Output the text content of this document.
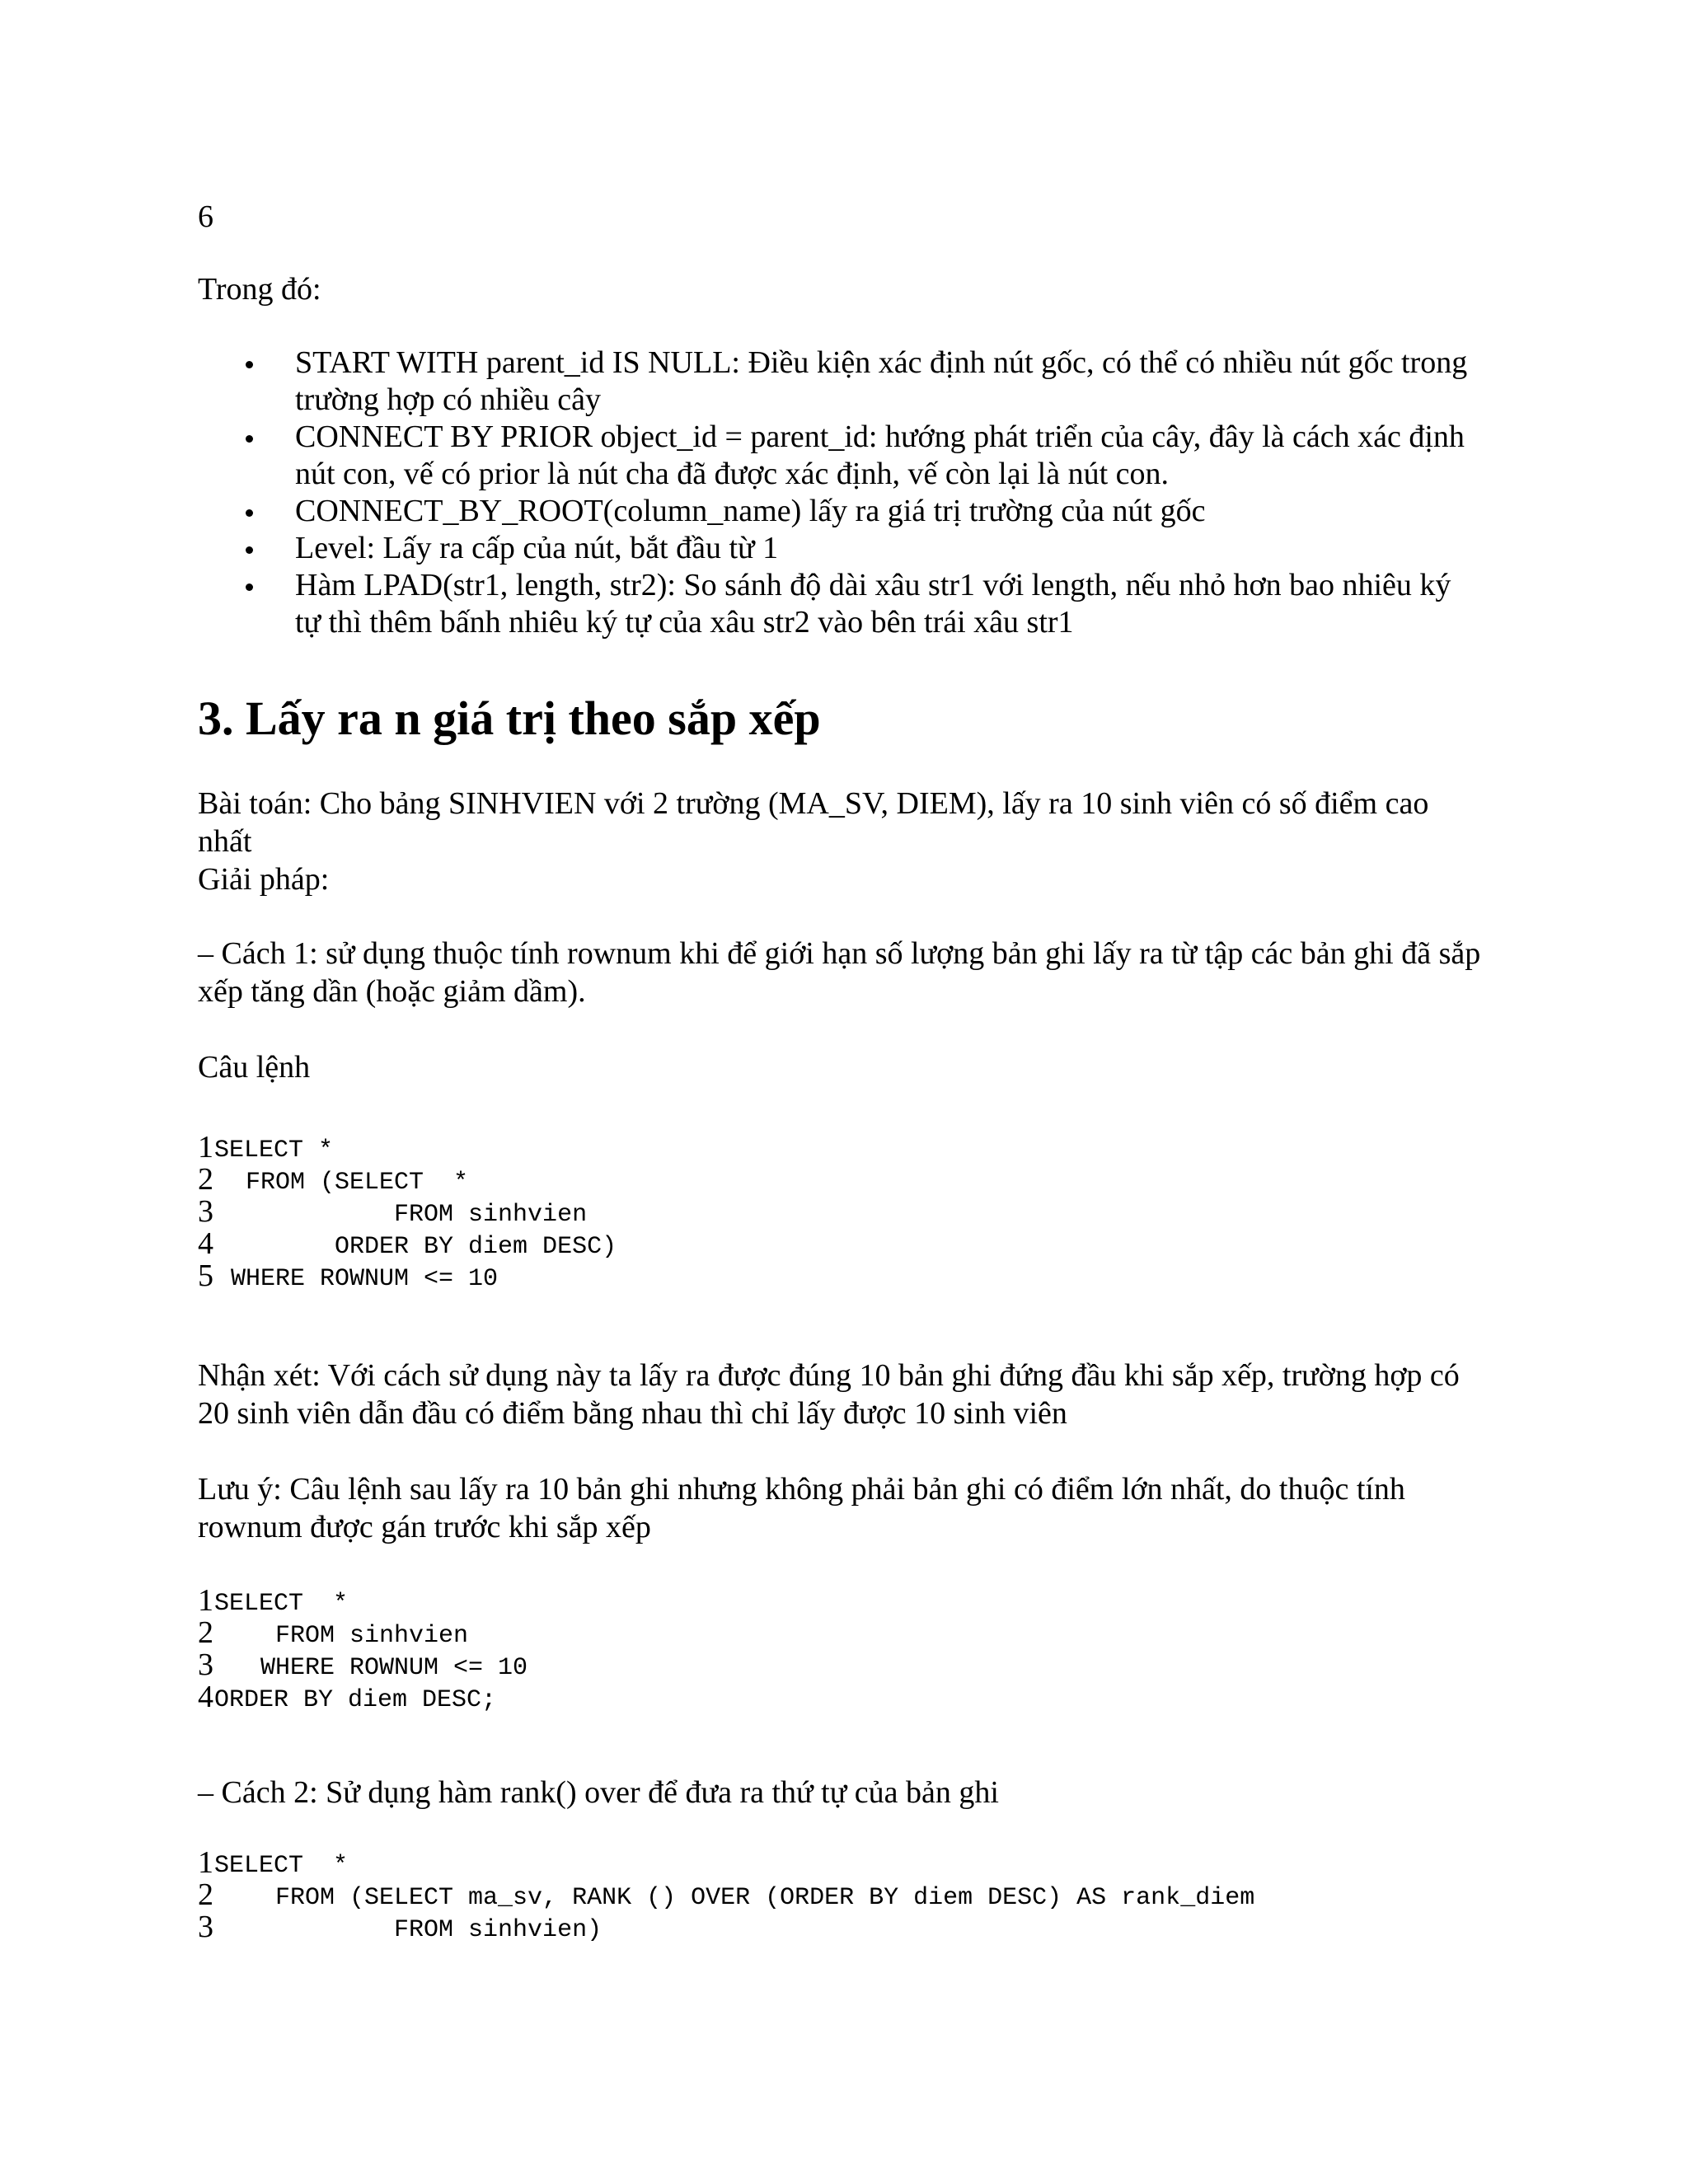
6

Trong đó:

START WITH parent_id IS NULL: Điều kiện xác định nút gốc, có thể có nhiều nút gốc trong trường hợp có nhiều cây
CONNECT BY PRIOR object_id = parent_id: hướng phát triển của cây, đây là cách xác định nút con, vế có prior là nút cha đã được xác định, vế còn lại là nút con.
CONNECT_BY_ROOT(column_name) lấy ra giá trị trường của nút gốc
Level: Lấy ra cấp của nút, bắt đầu từ 1
Hàm LPAD(str1, length, str2): So sánh độ dài xâu str1 với length, nếu nhỏ hơn bao nhiêu ký tự thì thêm bấnh nhiêu ký tự của xâu str2 vào bên trái xâu str1
3. Lấy ra n giá trị theo sắp xếp

Bài toán: Cho bảng SINHVIEN với 2 trường (MA_SV, DIEM), lấy ra 10 sinh viên có số điểm cao nhất

Giải pháp:

– Cách 1: sử dụng thuộc tính rownum khi để giới hạn số lượng bản ghi lấy ra từ tập các bản ghi đã sắp xếp tăng dần (hoặc giảm dầm).

Câu lệnh

1 SELECT *
2 FROM (SELECT  *
3 FROM sinhvien
4 ORDER BY diem DESC)
5 WHERE ROWNUM <= 10

Nhận xét: Với cách sử dụng này ta lấy ra được đúng 10 bản ghi đứng đầu khi sắp xếp, trường hợp có 20 sinh viên dẫn đầu có điểm bằng nhau thì chỉ lấy được 10 sinh viên

Lưu ý: Câu lệnh sau lấy ra 10 bản ghi nhưng không phải bản ghi có điểm lớn nhất, do thuộc tính rownum được gán trước khi sắp xếp

1 SELECT  *
2 FROM sinhvien
3 WHERE ROWNUM <= 10
4 ORDER BY diem DESC;

– Cách 2: Sử dụng hàm rank() over để đưa ra thứ tự của bản ghi

1 SELECT  *
2 FROM (SELECT ma_sv, RANK () OVER (ORDER BY diem DESC) AS rank_diem
3 FROM sinhvien)
